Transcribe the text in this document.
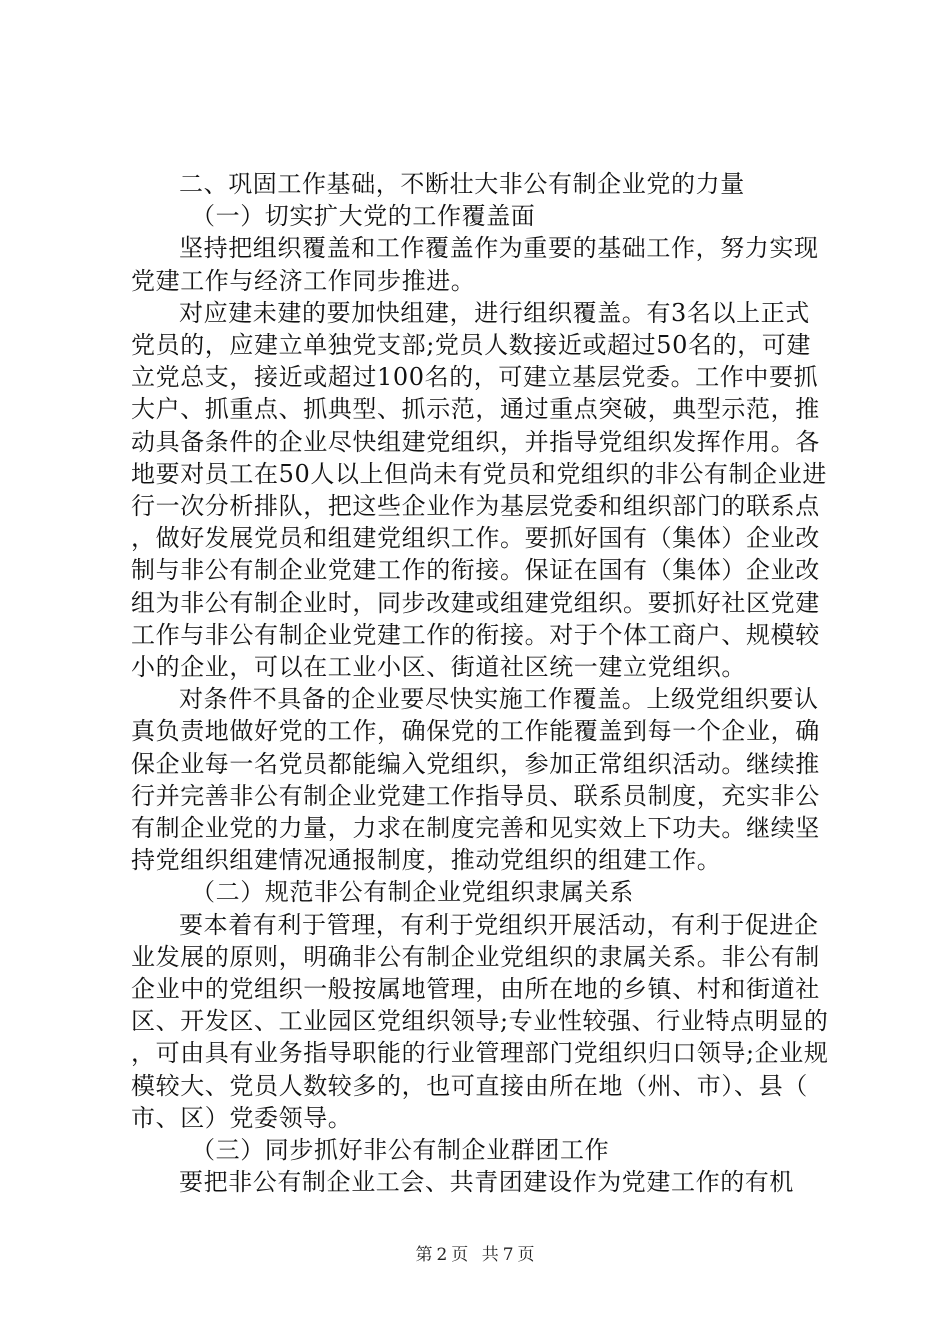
二、巩固工作基础，不断壮大非公有制企业党的力量

（一）切实扩大党的工作覆盖面

坚持把组织覆盖和工作覆盖作为重要的基础工作，努力实现党建工作与经济工作同步推进。

对应建未建的要加快组建，进行组织覆盖。有3名以上正式党员的，应建立单独党支部;党员人数接近或超过50名的，可建立党总支，接近或超过100名的，可建立基层党委。工作中要抓大户、抓重点、抓典型、抓示范，通过重点突破，典型示范，推动具备条件的企业尽快组建党组织，并指导党组织发挥作用。各地要对员工在50人以上但尚未有党员和党组织的非公有制企业进行一次分析排队，把这些企业作为基层党委和组织部门的联系点，做好发展党员和组建党组织工作。要抓好国有（集体）企业改制与非公有制企业党建工作的衔接。保证在国有（集体）企业改组为非公有制企业时，同步改建或组建党组织。要抓好社区党建工作与非公有制企业党建工作的衔接。对于个体工商户、规模较小的企业，可以在工业小区、街道社区统一建立党组织。

对条件不具备的企业要尽快实施工作覆盖。上级党组织要认真负责地做好党的工作，确保党的工作能覆盖到每一个企业，确保企业每一名党员都能编入党组织，参加正常组织活动。继续推行并完善非公有制企业党建工作指导员、联系员制度，充实非公有制企业党的力量，力求在制度完善和见实效上下功夫。继续坚持党组织组建情况通报制度，推动党组织的组建工作。

（二）规范非公有制企业党组织隶属关系

要本着有利于管理，有利于党组织开展活动，有利于促进企业发展的原则，明确非公有制企业党组织的隶属关系。非公有制企业中的党组织一般按属地管理，由所在地的乡镇、村和街道社区、开发区、工业园区党组织领导;专业性较强、行业特点明显的，可由具有业务指导职能的行业管理部门党组织归口领导;企业规模较大、党员人数较多的，也可直接由所在地（州、市）、县（市、区）党委领导。

（三）同步抓好非公有制企业群团工作

要把非公有制企业工会、共青团建设作为党建工作的有机

第 2 页 共 7 页
